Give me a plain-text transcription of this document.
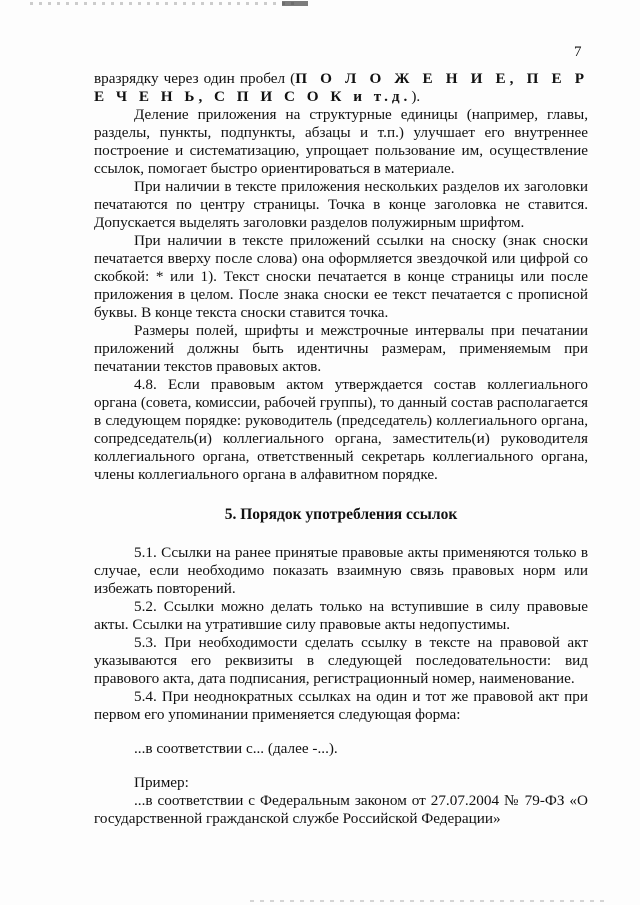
7

вразрядку через один пробел (П О Л О Ж Е Н И Е, П Е Р Е Ч Е Н Ь, С П И С О К и т.д.).

Деление приложения на структурные единицы (например, главы, разделы, пункты, подпункты, абзацы и т.п.) улучшает его внутреннее построение и систематизацию, упрощает пользование им, осуществление ссылок, помогает быстро ориентироваться в материале.

При наличии в тексте приложения нескольких разделов их заголовки печатаются по центру страницы. Точка в конце заголовка не ставится. Допускается выделять заголовки разделов полужирным шрифтом.

При наличии в тексте приложений ссылки на сноску (знак сноски печатается вверху после слова) она оформляется звездочкой или цифрой со скобкой: * или 1). Текст сноски печатается в конце страницы или после приложения в целом. После знака сноски ее текст печатается с прописной буквы. В конце текста сноски ставится точка.

Размеры полей, шрифты и межстрочные интервалы при печатании приложений должны быть идентичны размерам, применяемым при печатании текстов правовых актов.

4.8. Если правовым актом утверждается состав коллегиального органа (совета, комиссии, рабочей группы), то данный состав располагается в следующем порядке: руководитель (председатель) коллегиального органа, сопредседатель(и) коллегиального органа, заместитель(и) руководителя коллегиального органа, ответственный секретарь коллегиального органа, члены коллегиального органа в алфавитном порядке.

5. Порядок употребления ссылок

5.1. Ссылки на ранее принятые правовые акты применяются только в случае, если необходимо показать взаимную связь правовых норм или избежать повторений.

5.2. Ссылки можно делать только на вступившие в силу правовые акты. Ссылки на утратившие силу правовые акты недопустимы.

5.3. При необходимости сделать ссылку в тексте на правовой акт указываются его реквизиты в следующей последовательности: вид правового акта, дата подписания, регистрационный номер, наименование.

5.4. При неоднократных ссылках на один и тот же правовой акт при первом его упоминании применяется следующая форма:

...в соответствии с... (далее -...).

Пример:

...в соответствии с Федеральным законом от 27.07.2004 № 79-ФЗ «О государственной гражданской службе Российской Федерации»
